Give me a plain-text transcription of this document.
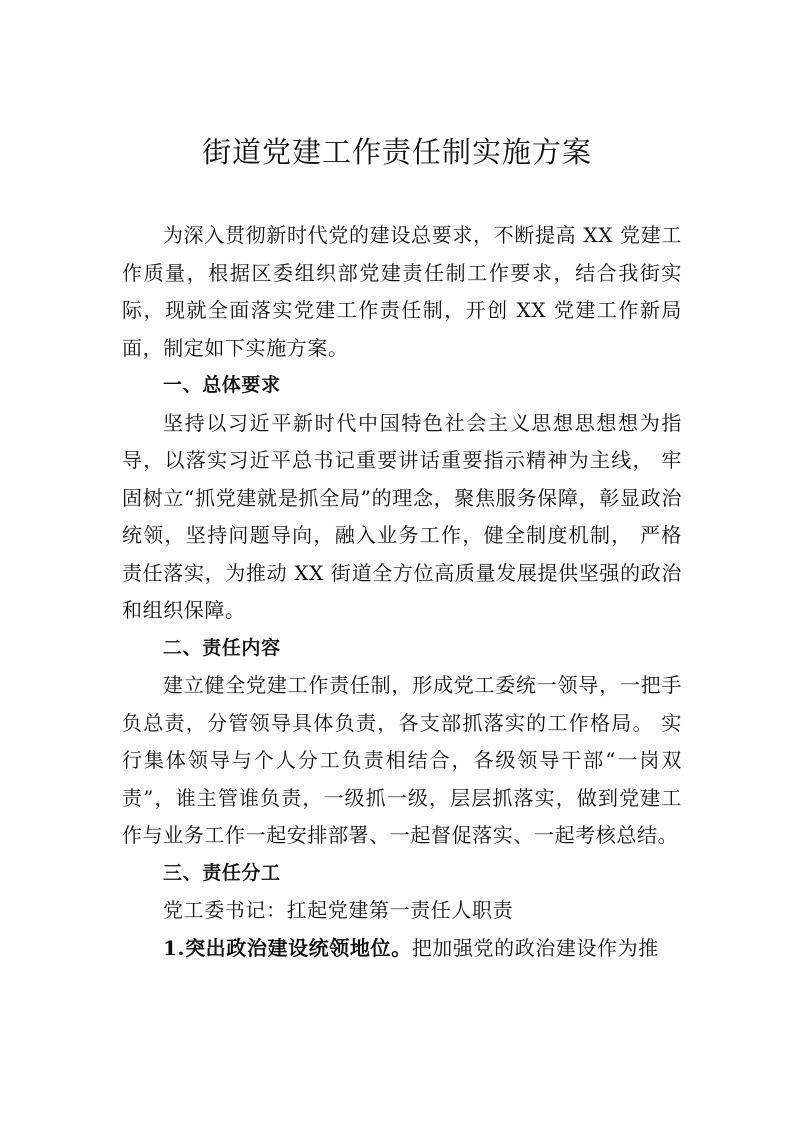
街道党建工作责任制实施方案

为深入贯彻新时代党的建设总要求，不断提高 XX 党建工作质量，根据区委组织部党建责任制工作要求，结合我街实际，现就全面落实党建工作责任制，开创 XX 党建工作新局面，制定如下实施方案。

一、总体要求

坚持以习近平新时代中国特色社会主义思想思想想为指导，以落实习近平总书记重要讲话重要指示精神为主线， 牢固树立“抓党建就是抓全局”的理念，聚焦服务保障，彰显政治统领，坚持问题导向，融入业务工作，健全制度机制， 严格责任落实，为推动 XX 街道全方位高质量发展提供坚强的政治和组织保障。

二、责任内容

建立健全党建工作责任制，形成党工委统一领导，一把手负总责，分管领导具体负责，各支部抓落实的工作格局。 实行集体领导与个人分工负责相结合，各级领导干部“一岗双责”，谁主管谁负责，一级抓一级，层层抓落实，做到党建工作与业务工作一起安排部署、一起督促落实、一起考核总结。

三、责任分工

党工委书记：扛起党建第一责任人职责

1.突出政治建设统领地位。把加强党的政治建设作为推
